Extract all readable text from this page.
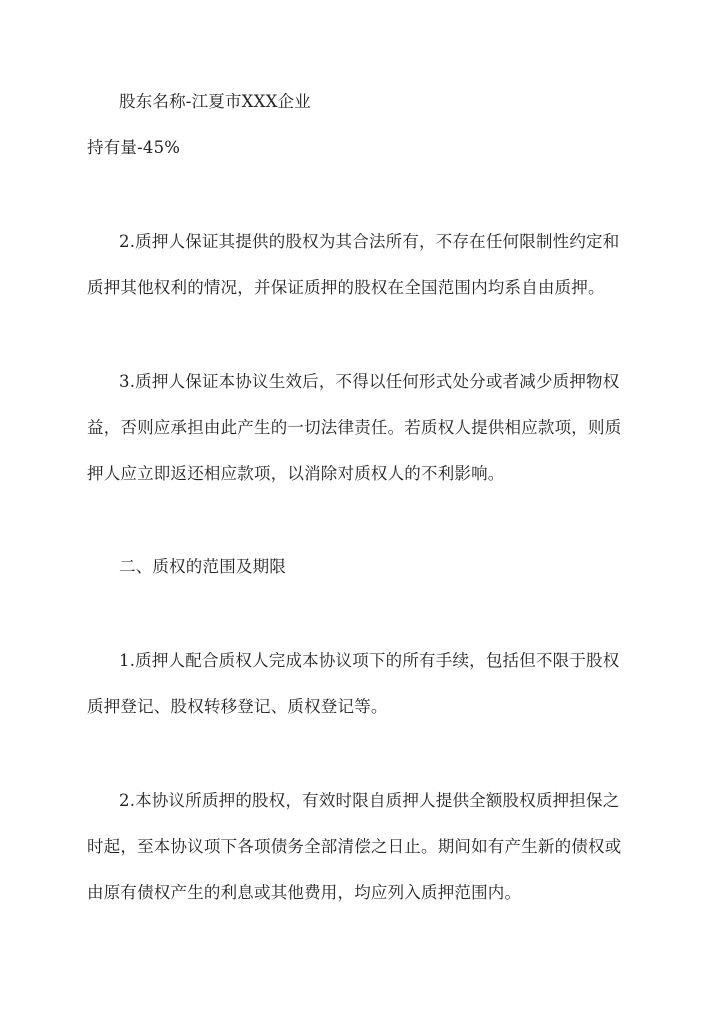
股东名称-江夏市XXX企业
持有量-45%
2.质押人保证其提供的股权为其合法所有，不存在任何限制性约定和
质押其他权利的情况，并保证质押的股权在全国范围内均系自由质押。
3.质押人保证本协议生效后，不得以任何形式处分或者减少质押物权
益，否则应承担由此产生的一切法律责任。若质权人提供相应款项，则质
押人应立即返还相应款项，以消除对质权人的不利影响。
二、质权的范围及期限
1.质押人配合质权人完成本协议项下的所有手续，包括但不限于股权
质押登记、股权转移登记、质权登记等。
2.本协议所质押的股权，有效时限自质押人提供全额股权质押担保之
时起，至本协议项下各项债务全部清偿之日止。期间如有产生新的债权或
由原有债权产生的利息或其他费用，均应列入质押范围内。
